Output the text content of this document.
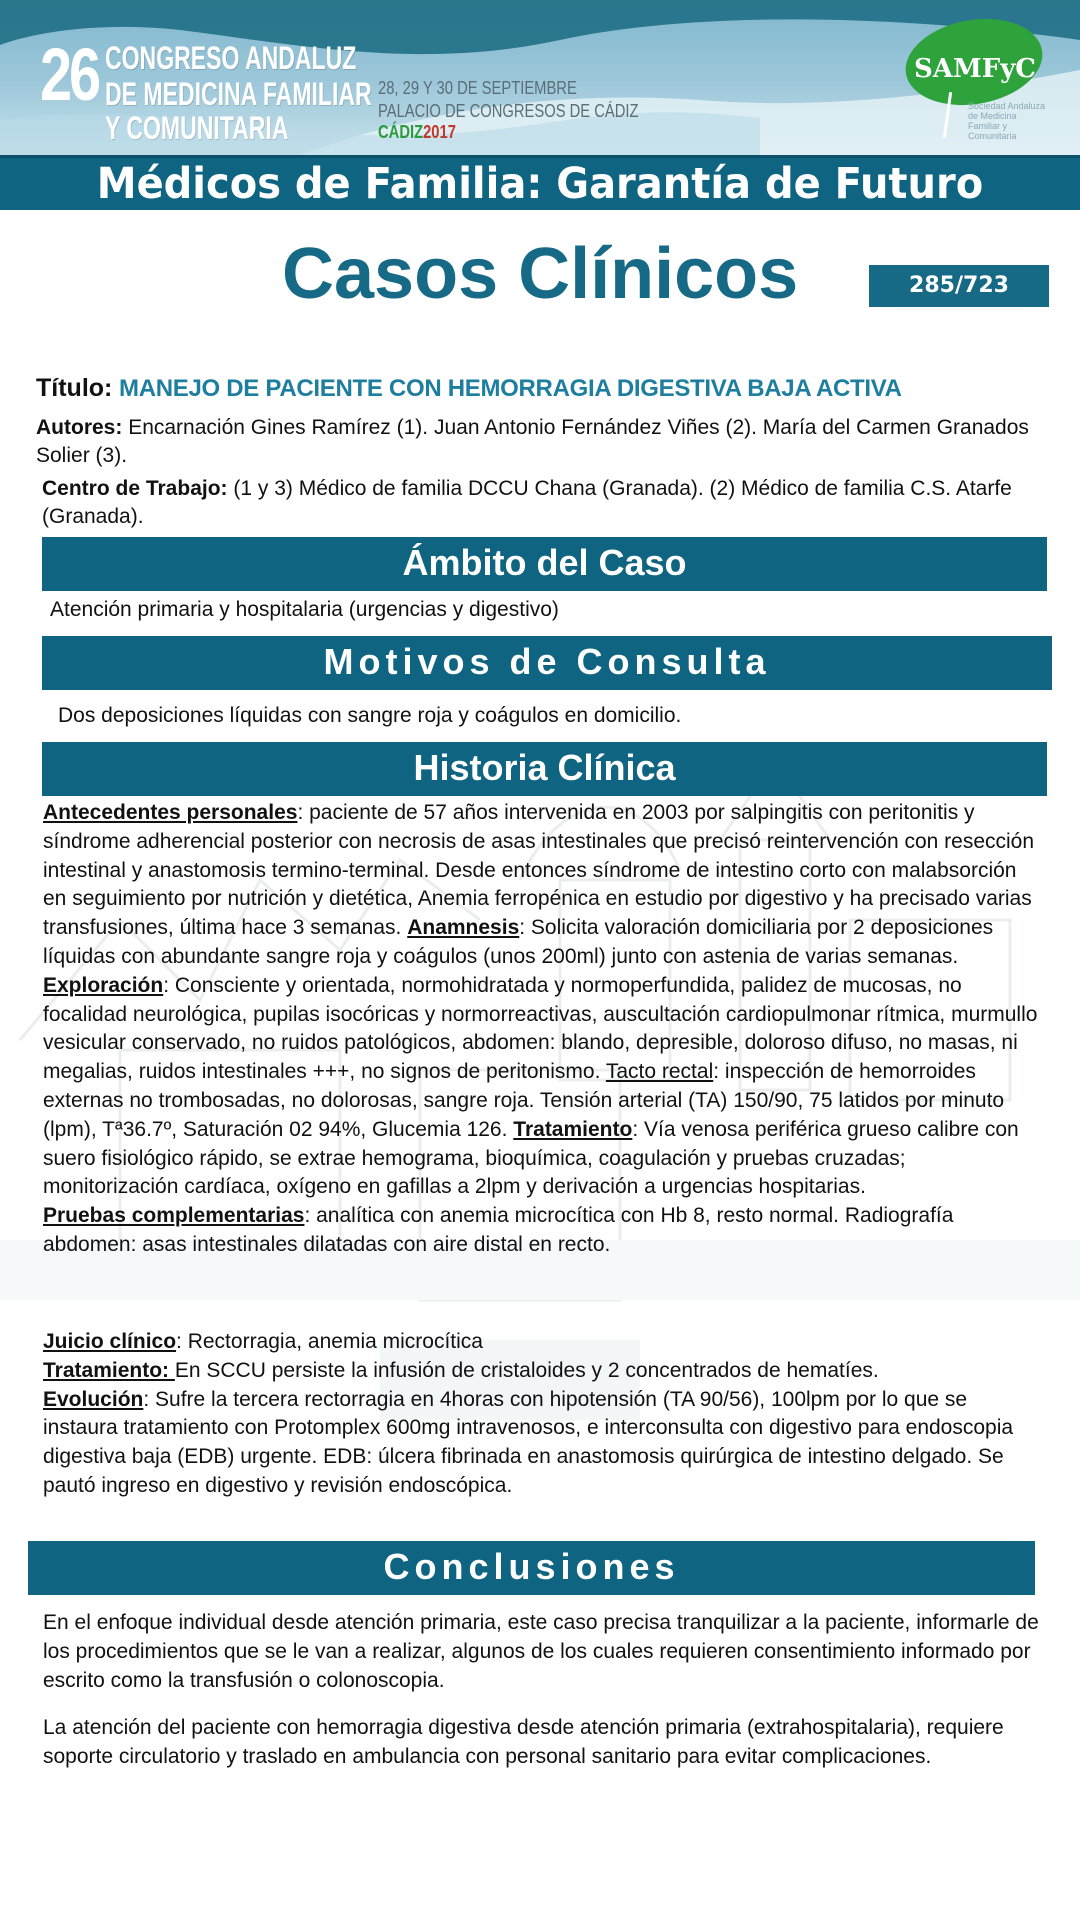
26 CONGRESO ANDALUZ
DE MEDICINA FAMILIAR
Y COMUNITARIA
28, 29 Y 30 DE SEPTIEMBRE
PALACIO DE CONGRESOS DE CÁDIZ
CÁDIZ2017
SAMFyC
Sociedad Andaluza de Medicina Familiar y Comunitaria
Médicos de Familia: Garantía de Futuro
Casos Clínicos	285/723
Título: MANEJO DE PACIENTE CON HEMORRAGIA DIGESTIVA BAJA ACTIVA
Autores: Encarnación Gines Ramírez (1). Juan Antonio Fernández Viñes (2). María del Carmen Granados Solier (3).
Centro de Trabajo: (1 y 3) Médico de familia DCCU Chana (Granada). (2) Médico de familia C.S. Atarfe (Granada).
Ámbito del Caso
Atención primaria y hospitalaria (urgencias y digestivo)
Motivos de Consulta
Dos deposiciones líquidas con sangre roja y coágulos en domicilio.
Historia Clínica
Antecedentes personales: paciente de 57 años intervenida en 2003 por salpingitis con peritonitis y síndrome adherencial posterior con necrosis de asas intestinales que precisó reintervención con resección intestinal y anastomosis termino-terminal. Desde entonces síndrome de intestino corto con malabsorción en seguimiento por nutrición y dietética, Anemia ferropénica en estudio por digestivo y ha precisado varias transfusiones, última hace 3 semanas. Anamnesis: Solicita valoración domiciliaria por 2 deposiciones líquidas con abundante sangre roja y coágulos (unos 200ml) junto con astenia de varias semanas.
Exploración: Consciente y orientada, normohidratada y normoperfundida, palidez de mucosas, no focalidad neurológica, pupilas isocóricas y normorreactivas, auscultación cardiopulmonar rítmica, murmullo vesicular conservado, no ruidos patológicos, abdomen: blando, depresible, doloroso difuso, no masas, ni megalias, ruidos intestinales +++, no signos de peritonismo. Tacto rectal: inspección de hemorroides externas no trombosadas, no dolorosas, sangre roja. Tensión arterial (TA) 150/90, 75 latidos por minuto (lpm), Tª36.7º, Saturación 02 94%, Glucemia 126. Tratamiento: Vía venosa periférica grueso calibre con suero fisiológico rápido, se extrae hemograma, bioquímica, coagulación y pruebas cruzadas; monitorización cardíaca, oxígeno en gafillas a 2lpm y derivación a urgencias hospitarias.
Pruebas complementarias: analítica con anemia microcítica con Hb 8, resto normal. Radiografía abdomen: asas intestinales dilatadas con aire distal en recto.
Juicio clínico: Rectorragia, anemia microcítica
Tratamiento: En SCCU persiste la infusión de cristaloides y 2 concentrados de hematíes.
Evolución: Sufre la tercera rectorragia en 4horas con hipotensión (TA 90/56), 100lpm por lo que se instaura tratamiento con Protomplex 600mg intravenosos, e interconsulta con digestivo para endoscopia digestiva baja (EDB) urgente. EDB: úlcera fibrinada en anastomosis quirúrgica de intestino delgado. Se pautó ingreso en digestivo y revisión endoscópica.
Conclusiones
En el enfoque individual desde atención primaria, este caso precisa tranquilizar a la paciente, informarle de los procedimientos que se le van a realizar, algunos de los cuales requieren consentimiento informado por escrito como la transfusión o colonoscopia.
La atención del paciente con hemorragia digestiva desde atención primaria (extrahospitalaria), requiere soporte circulatorio y traslado en ambulancia con personal sanitario para evitar complicaciones.
